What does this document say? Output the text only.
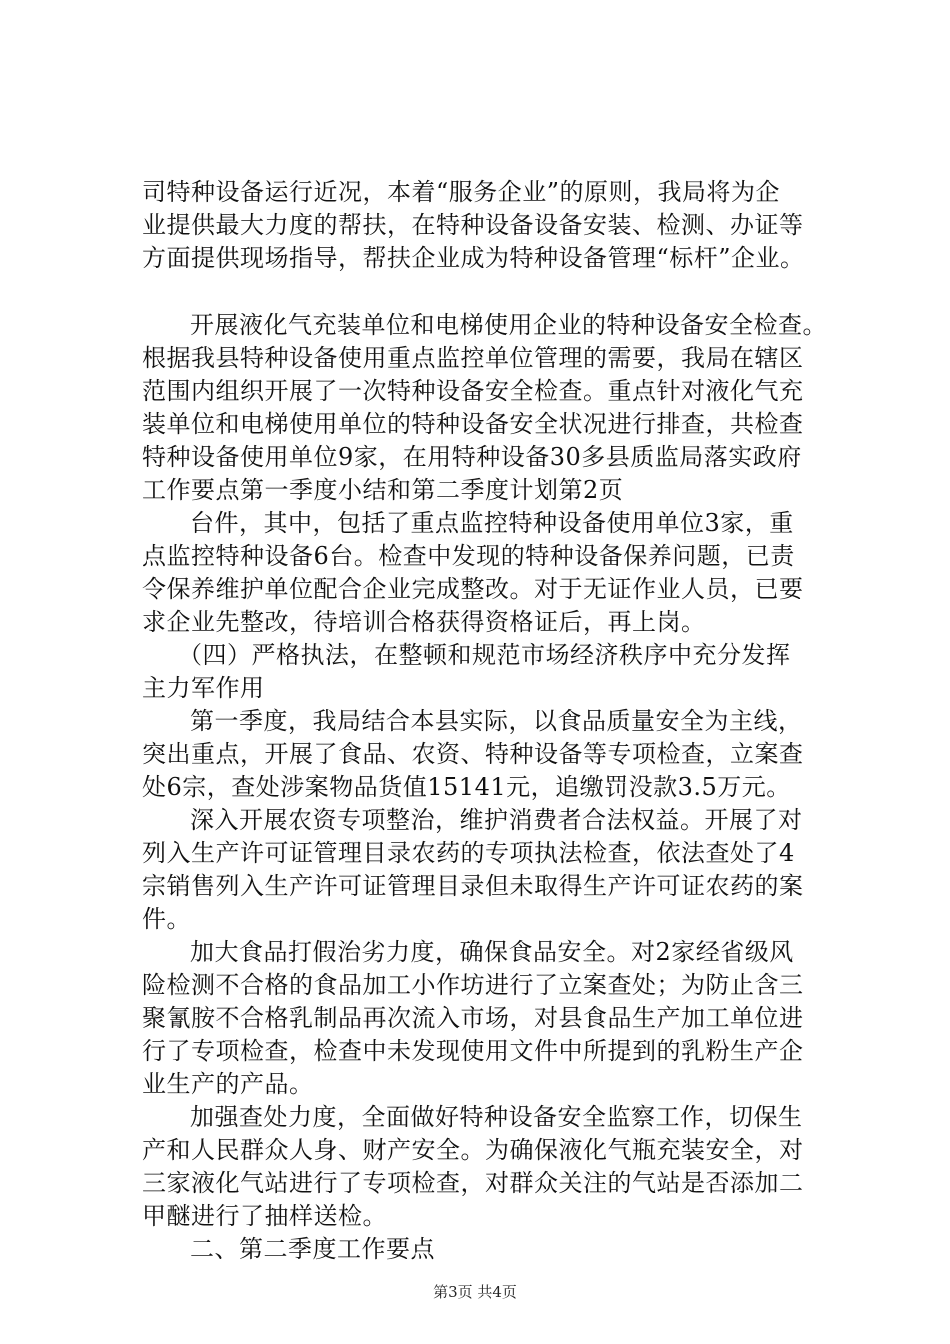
司特种设备运行近况，本着“服务企业”的原则，我局将为企
业提供最大力度的帮扶，在特种设备设备安装、检测、办证等
方面提供现场指导，帮扶企业成为特种设备管理“标杆”企业。
开展液化气充装单位和电梯使用企业的特种设备安全检查。
根据我县特种设备使用重点监控单位管理的需要，我局在辖区
范围内组织开展了一次特种设备安全检查。重点针对液化气充
装单位和电梯使用单位的特种设备安全状况进行排查，共检查
特种设备使用单位9家，在用特种设备30多县质监局落实政府
工作要点第一季度小结和第二季度计划第2页
台件，其中，包括了重点监控特种设备使用单位3家，重
点监控特种设备6台。检查中发现的特种设备保养问题，已责
令保养维护单位配合企业完成整改。对于无证作业人员，已要
求企业先整改，待培训合格获得资格证后，再上岗。
（四）严格执法，在整顿和规范市场经济秩序中充分发挥
主力军作用
第一季度，我局结合本县实际，以食品质量安全为主线，
突出重点，开展了食品、农资、特种设备等专项检查，立案查
处6宗，查处涉案物品货值15141元，追缴罚没款3.5万元。
深入开展农资专项整治，维护消费者合法权益。开展了对
列入生产许可证管理目录农药的专项执法检查，依法查处了4
宗销售列入生产许可证管理目录但未取得生产许可证农药的案
件。
加大食品打假治劣力度，确保食品安全。对2家经省级风
险检测不合格的食品加工小作坊进行了立案查处；为防止含三
聚氰胺不合格乳制品再次流入市场，对县食品生产加工单位进
行了专项检查，检查中未发现使用文件中所提到的乳粉生产企
业生产的产品。
加强查处力度，全面做好特种设备安全监察工作，切保生
产和人民群众人身、财产安全。为确保液化气瓶充装安全，对
三家液化气站进行了专项检查，对群众关注的气站是否添加二
甲醚进行了抽样送检。
二、第二季度工作要点
第3页 共4页
